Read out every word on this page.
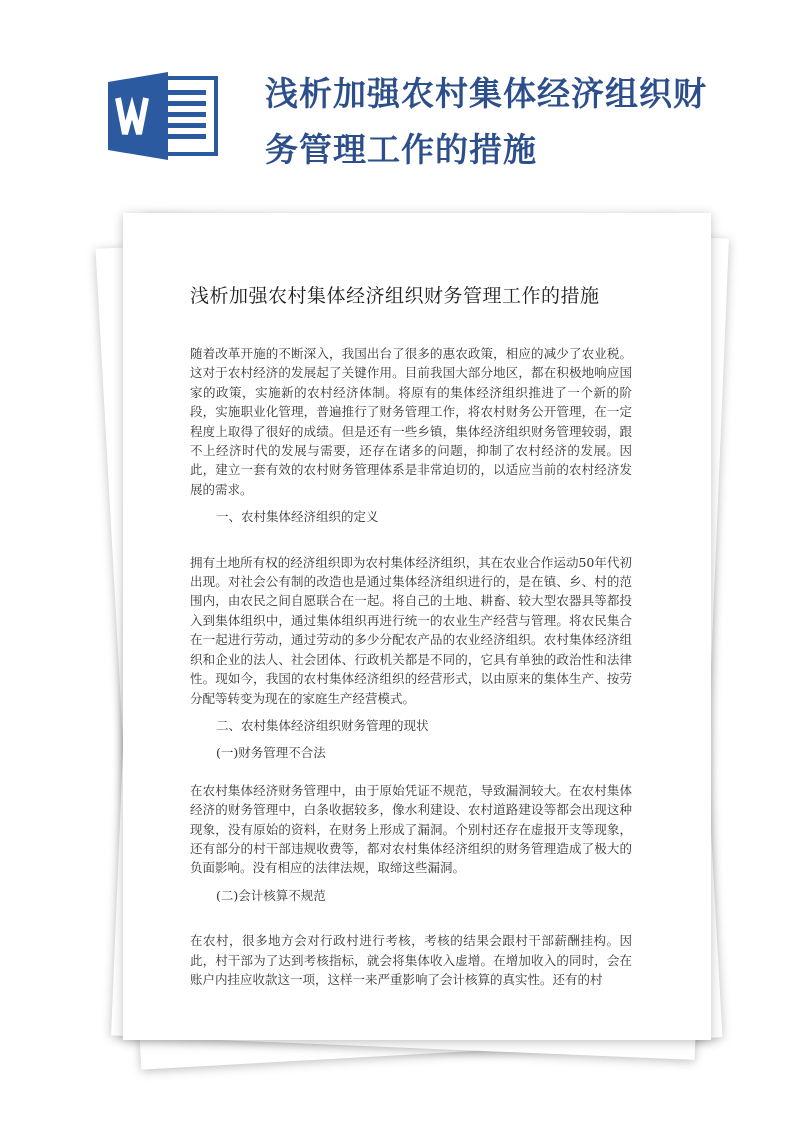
浅析加强农村集体经济组织财务管理工作的措施
浅析加强农村集体经济组织财务管理工作的措施

随着改革开施的不断深入，我国出台了很多的惠农政策，相应的减少了农业税。这对于农村经济的发展起了关键作用。目前我国大部分地区，都在积极地响应国家的政策，实施新的农村经济体制。将原有的集体经济组织推进了一个新的阶段，实施职业化管理，普遍推行了财务管理工作，将农村财务公开管理，在一定程度上取得了很好的成绩。但是还有一些乡镇，集体经济组织财务管理较弱，跟不上经济时代的发展与需要，还存在诸多的问题，抑制了农村经济的发展。因此，建立一套有效的农村财务管理体系是非常迫切的，以适应当前的农村经济发展的需求。

一、农村集体经济组织的定义

拥有土地所有权的经济组织即为农村集体经济组织，其在农业合作运动50年代初出现。对社会公有制的改造也是通过集体经济组织进行的，是在镇、乡、村的范围内，由农民之间自愿联合在一起。将自己的土地、耕畜、较大型农器具等都投入到集体组织中，通过集体组织再进行统一的农业生产经营与管理。将农民集合在一起进行劳动，通过劳动的多少分配农产品的农业经济组织。农村集体经济组织和企业的法人、社会团体、行政机关都是不同的，它具有单独的政治性和法律性。现如今，我国的农村集体经济组织的经营形式，以由原来的集体生产、按劳分配等转变为现在的家庭生产经营模式。

二、农村集体经济组织财务管理的现状

(一)财务管理不合法

在农村集体经济财务管理中，由于原始凭证不规范，导致漏洞较大。在农村集体经济的财务管理中，白条收据较多，像水利建设、农村道路建设等都会出现这种现象，没有原始的资料，在财务上形成了漏洞。个别村还存在虚报开支等现象，还有部分的村干部违规收费等，都对农村集体经济组织的财务管理造成了极大的负面影响。没有相应的法律法规，取缔这些漏洞。

(二)会计核算不规范

在农村，很多地方会对行政村进行考核，考核的结果会跟村干部薪酬挂构。因此，村干部为了达到考核指标，就会将集体收入虚增。在增加收入的同时，会在账户内挂应收款这一项，这样一来严重影响了会计核算的真实性。还有的村
